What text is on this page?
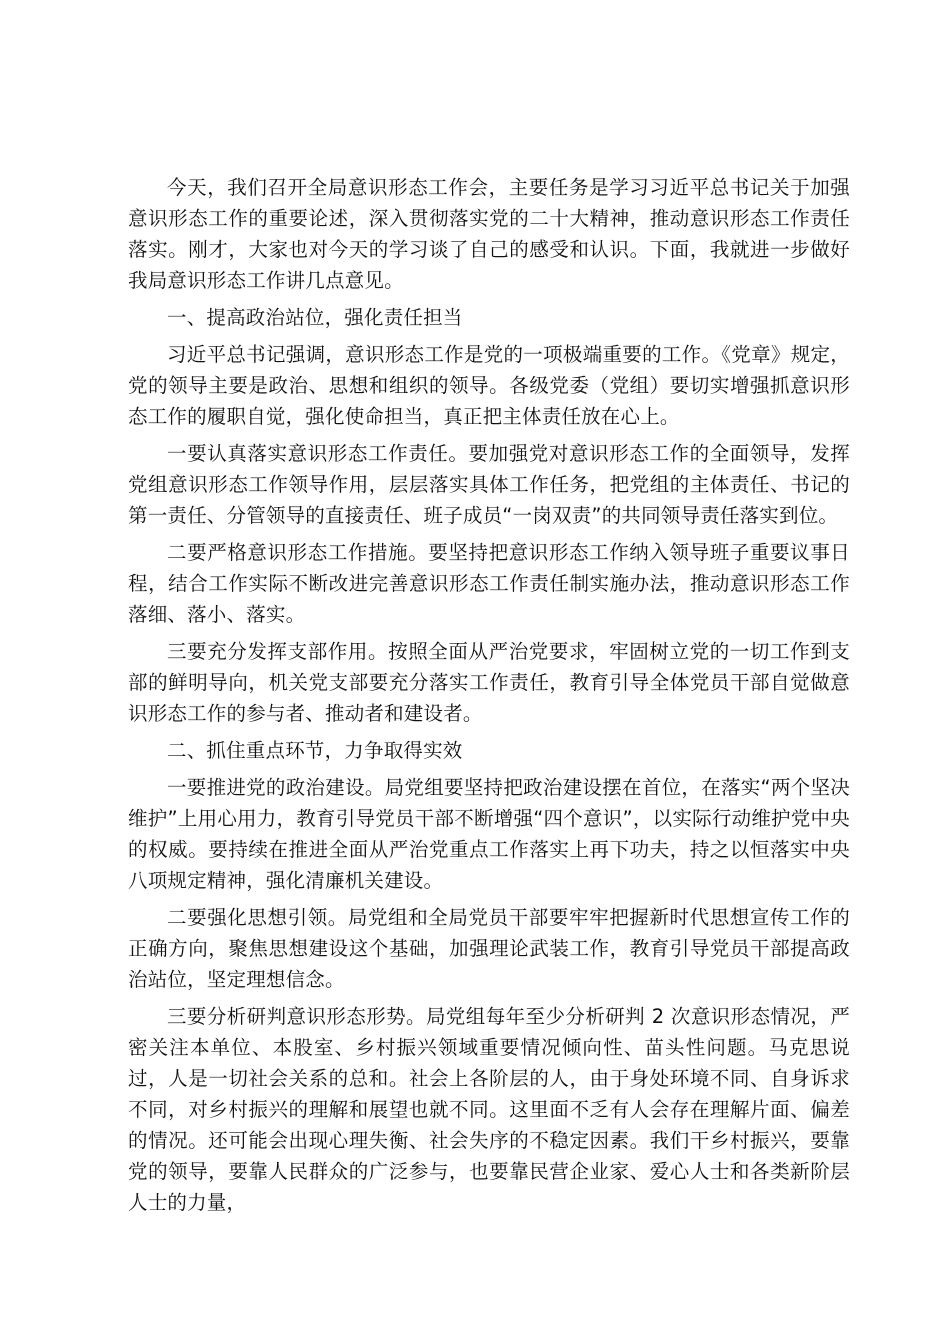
今天，我们召开全局意识形态工作会，主要任务是学习习近平总书记关于加强意识形态工作的重要论述，深入贯彻落实党的二十大精神，推动意识形态工作责任落实。刚才，大家也对今天的学习谈了自己的感受和认识。下面，我就进一步做好我局意识形态工作讲几点意见。

一、提高政治站位，强化责任担当

习近平总书记强调，意识形态工作是党的一项极端重要的工作。《党章》规定，党的领导主要是政治、思想和组织的领导。各级党委（党组）要切实增强抓意识形态工作的履职自觉，强化使命担当，真正把主体责任放在心上。

一要认真落实意识形态工作责任。要加强党对意识形态工作的全面领导，发挥党组意识形态工作领导作用，层层落实具体工作任务，把党组的主体责任、书记的第一责任、分管领导的直接责任、班子成员“一岗双责”的共同领导责任落实到位。

二要严格意识形态工作措施。要坚持把意识形态工作纳入领导班子重要议事日程，结合工作实际不断改进完善意识形态工作责任制实施办法，推动意识形态工作落细、落小、落实。

三要充分发挥支部作用。按照全面从严治党要求，牢固树立党的一切工作到支部的鲜明导向，机关党支部要充分落实工作责任，教育引导全体党员干部自觉做意识形态工作的参与者、推动者和建设者。

二、抓住重点环节，力争取得实效

一要推进党的政治建设。局党组要坚持把政治建设摆在首位，在落实“两个坚决维护”上用心用力，教育引导党员干部不断增强“四个意识”，以实际行动维护党中央的权威。要持续在推进全面从严治党重点工作落实上再下功夫，持之以恒落实中央八项规定精神，强化清廉机关建设。

二要强化思想引领。局党组和全局党员干部要牢牢把握新时代思想宣传工作的正确方向，聚焦思想建设这个基础，加强理论武装工作，教育引导党员干部提高政治站位，坚定理想信念。

三要分析研判意识形态形势。局党组每年至少分析研判 2 次意识形态情况，严密关注本单位、本股室、乡村振兴领域重要情况倾向性、苗头性问题。马克思说过，人是一切社会关系的总和。社会上各阶层的人，由于身处环境不同、自身诉求不同，对乡村振兴的理解和展望也就不同。这里面不乏有人会存在理解片面、偏差的情况。还可能会出现心理失衡、社会失序的不稳定因素。我们干乡村振兴，要靠党的领导，要靠人民群众的广泛参与，也要靠民营企业家、爱心人士和各类新阶层人士的力量，
